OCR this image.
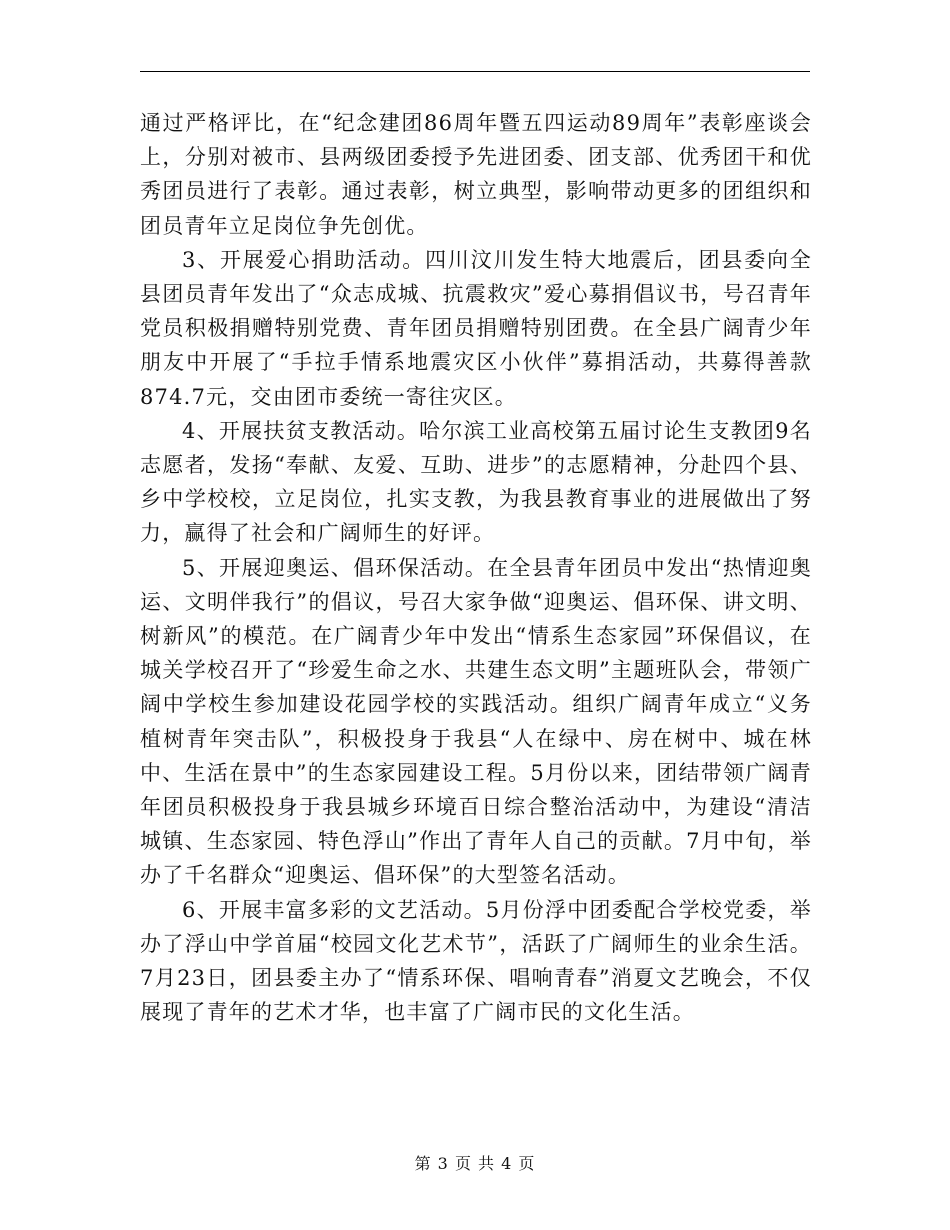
通过严格评比，在“纪念建团86周年暨五四运动89周年”表彰座谈会上，分别对被市、县两级团委授予先进团委、团支部、优秀团干和优秀团员进行了表彰。通过表彰，树立典型，影响带动更多的团组织和团员青年立足岗位争先创优。

3、开展爱心捐助活动。四川汶川发生特大地震后，团县委向全县团员青年发出了“众志成城、抗震救灾”爱心募捐倡议书，号召青年党员积极捐赠特别党费、青年团员捐赠特别团费。在全县广阔青少年朋友中开展了“手拉手情系地震灾区小伙伴”募捐活动，共募得善款874.7元，交由团市委统一寄往灾区。

4、开展扶贫支教活动。哈尔滨工业高校第五届讨论生支教团9名志愿者，发扬“奉献、友爱、互助、进步”的志愿精神，分赴四个县、乡中学校校，立足岗位，扎实支教，为我县教育事业的进展做出了努力，赢得了社会和广阔师生的好评。

5、开展迎奥运、倡环保活动。在全县青年团员中发出“热情迎奥运、文明伴我行”的倡议，号召大家争做“迎奥运、倡环保、讲文明、树新风”的模范。在广阔青少年中发出“情系生态家园”环保倡议，在城关学校召开了“珍爱生命之水、共建生态文明”主题班队会，带领广阔中学校生参加建设花园学校的实践活动。组织广阔青年成立“义务植树青年突击队”，积极投身于我县“人在绿中、房在树中、城在林中、生活在景中”的生态家园建设工程。5月份以来，团结带领广阔青年团员积极投身于我县城乡环境百日综合整治活动中，为建设“清洁城镇、生态家园、特色浮山”作出了青年人自己的贡献。7月中旬，举办了千名群众“迎奥运、倡环保”的大型签名活动。

6、开展丰富多彩的文艺活动。5月份浮中团委配合学校党委，举办了浮山中学首届“校园文化艺术节”，活跃了广阔师生的业余生活。7月23日，团县委主办了“情系环保、唱响青春”消夏文艺晚会，不仅展现了青年的艺术才华，也丰富了广阔市民的文化生活。

第 3 页 共 4 页
